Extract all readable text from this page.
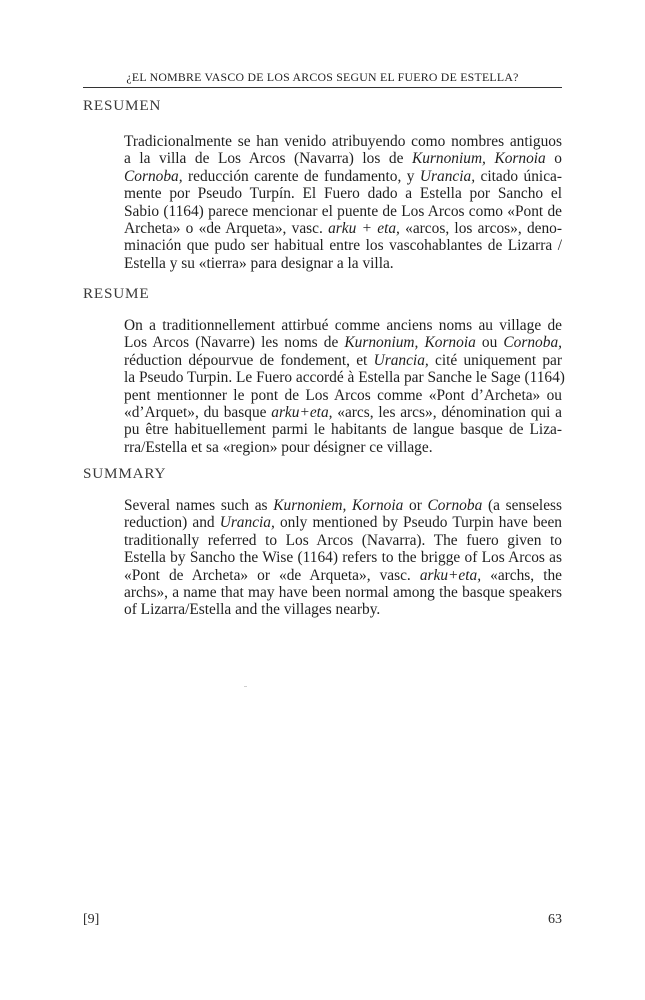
¿EL NOMBRE VASCO DE LOS ARCOS SEGUN EL FUERO DE ESTELLA?
RESUMEN

Tradicionalmente se han venido atribuyendo como nombres antiguos
a la villa de Los Arcos (Navarra) los de Kurnonium, Kornoia o
Cornoba, reducción carente de fundamento, y Urancia, citado única-
mente por Pseudo Turpín. El Fuero dado a Estella por Sancho el
Sabio (1164) parece mencionar el puente de Los Arcos como «Pont de
Archeta» o «de Arqueta», vasc. arku + eta, «arcos, los arcos», deno-
minación que pudo ser habitual entre los vascohablantes de Lizarra /
Estella y su «tierra» para designar a la villa.

RESUME

On a traditionnellement attirbué comme anciens noms au village de
Los Arcos (Navarre) les noms de Kurnonium, Kornoia ou Cornoba,
réduction dépourvue de fondement, et Urancia, cité uniquement par
la Pseudo Turpin. Le Fuero accordé à Estella par Sanche le Sage (1164)
pent mentionner le pont de Los Arcos comme «Pont d’Archeta» ou
«d’Arquet», du basque arku+eta, «arcs, les arcs», dénomination qui a
pu être habituellement parmi le habitants de langue basque de Liza-
rra/Estella et sa «region» pour désigner ce village.

SUMMARY

Several names such as Kurnoniem, Kornoia or Cornoba (a senseless
reduction) and Urancia, only mentioned by Pseudo Turpin have been
traditionally referred to Los Arcos (Navarra). The fuero given to
Estella by Sancho the Wise (1164) refers to the brigge of Los Arcos as
«Pont de Archeta» or «de Arqueta», vasc. arku+eta, «archs, the
archs», a name that may have been normal among the basque speakers
of Lizarra/Estella and the villages nearby.

[9]	63
